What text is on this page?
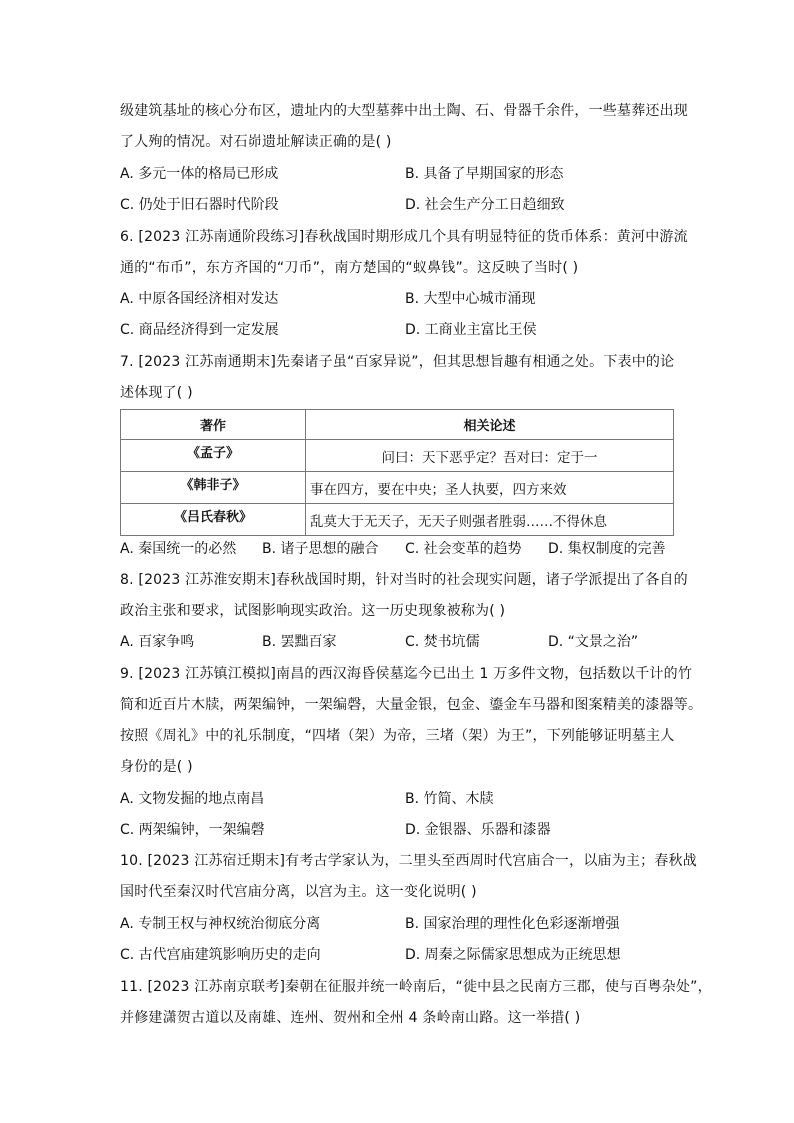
级建筑基址的核心分布区，遗址内的大型墓葬中出土陶、石、骨器千余件，一些墓葬还出现
了人殉的情况。对石峁遗址解读正确的是( )
A. 多元一体的格局已形成	B. 具备了早期国家的形态
C. 仍处于旧石器时代阶段	D. 社会生产分工日趋细致
6. [2023 江苏南通阶段练习]春秋战国时期形成几个具有明显特征的货币体系：黄河中游流
通的“布币”，东方齐国的“刀币”，南方楚国的“蚁鼻钱”。这反映了当时( )
A. 中原各国经济相对发达	B. 大型中心城市涌现
C. 商品经济得到一定发展	D. 工商业主富比王侯
7. [2023 江苏南通期末]先秦诸子虽“百家异说”，但其思想旨趣有相通之处。下表中的论
述体现了( )
著作	相关论述
《孟子》	问曰：天下恶乎定？吾对曰：定于一
《韩非子》	事在四方，要在中央；圣人执要，四方来效
《吕氏春秋》	乱莫大于无天子，无天子则强者胜弱……不得休息
A. 秦国统一的必然 B. 诸子思想的融合 C. 社会变革的趋势 D. 集权制度的完善
8. [2023 江苏淮安期末]春秋战国时期，针对当时的社会现实问题，诸子学派提出了各自的
政治主张和要求，试图影响现实政治。这一历史现象被称为( )
A. 百家争鸣	B. 罢黜百家	C. 焚书坑儒	D. “文景之治”
9. [2023 江苏镇江模拟]南昌的西汉海昏侯墓迄今已出土 1 万多件文物，包括数以千计的竹
简和近百片木牍，两架编钟，一架编磬，大量金银，包金、鎏金车马器和图案精美的漆器等。
按照《周礼》中的礼乐制度，“四堵（架）为帝，三堵（架）为王”，下列能够证明墓主人
身份的是( )
A. 文物发掘的地点南昌	B. 竹简、木牍
C. 两架编钟，一架编磬	D. 金银器、乐器和漆器
10. [2023 江苏宿迁期末]有考古学家认为，二里头至西周时代宫庙合一，以庙为主；春秋战
国时代至秦汉时代宫庙分离，以宫为主。这一变化说明( )
A. 专制王权与神权统治彻底分离	B. 国家治理的理性化色彩逐渐增强
C. 古代宫庙建筑影响历史的走向	D. 周秦之际儒家思想成为正统思想
11. [2023 江苏南京联考]秦朝在征服并统一岭南后，“徙中县之民南方三郡，使与百粤杂处”，
并修建潇贺古道以及南雄、连州、贺州和全州 4 条岭南山路。这一举措( )
